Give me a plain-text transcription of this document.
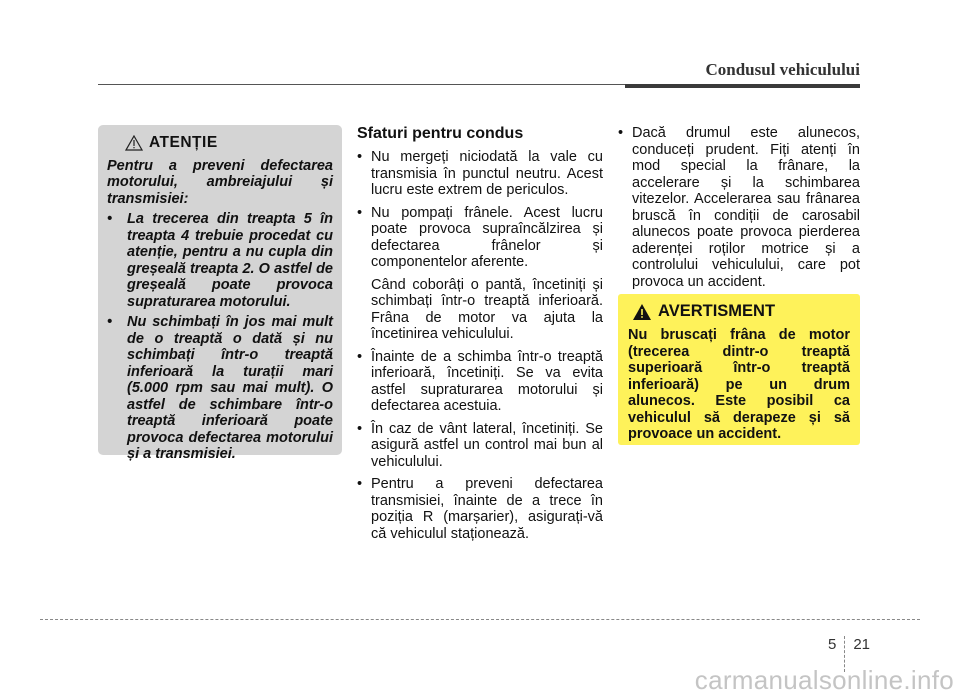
Condusul vehiculului
ATENȚIE

Pentru a preveni defectarea motorului, ambreiajului și transmisiei:

• La trecerea din treapta 5 în treapta 4 trebuie procedat cu atenție, pentru a nu cupla din greșeală treapta 2. O astfel de greșeală poate provoca supraturarea motorului.
• Nu schimbați în jos mai mult de o treaptă o dată și nu schimbați într-o treaptă inferioară la turații mari (5.000 rpm sau mai mult). O astfel de schimbare într-o treaptă inferioară poate provoca defectarea motorului și a transmisiei.
Sfaturi pentru condus
• Nu mergeți niciodată la vale cu transmisia în punctul neutru. Acest lucru este extrem de periculos.
• Nu pompați frânele. Acest lucru poate provoca supraîncălzirea și defectarea frânelor și componentelor aferente.

Când coborâți o pantă, încetiniți și schimbați într-o treaptă inferioară. Frâna de motor va ajuta la încetinirea vehiculului.

• Înainte de a schimba într-o treaptă inferioară, încetiniți. Se va evita astfel supraturarea motorului și defectarea acestuia.
• În caz de vânt lateral, încetiniți. Se asigură astfel un control mai bun al vehiculului.
• Pentru a preveni defectarea transmisiei, înainte de a trece în poziția R (marșarier), asigurați-vă că vehiculul staționează.
• Dacă drumul este alunecos, conduceți prudent. Fiți atenți în mod special la frânare, la accelerare și la schimbarea vitezelor. Accelerarea sau frânarea bruscă în condiții de carosabil alunecos poate provoca pierderea aderenței roților motrice și a controlului vehiculului, care pot provoca un accident.
AVERTISMENT

Nu bruscați frâna de motor (trecerea dintr-o treaptă superioară într-o treaptă inferioară) pe un drum alunecos. Este posibil ca vehiculul să derapeze și să provoace un accident.

5 21
carmanualsonline.info
